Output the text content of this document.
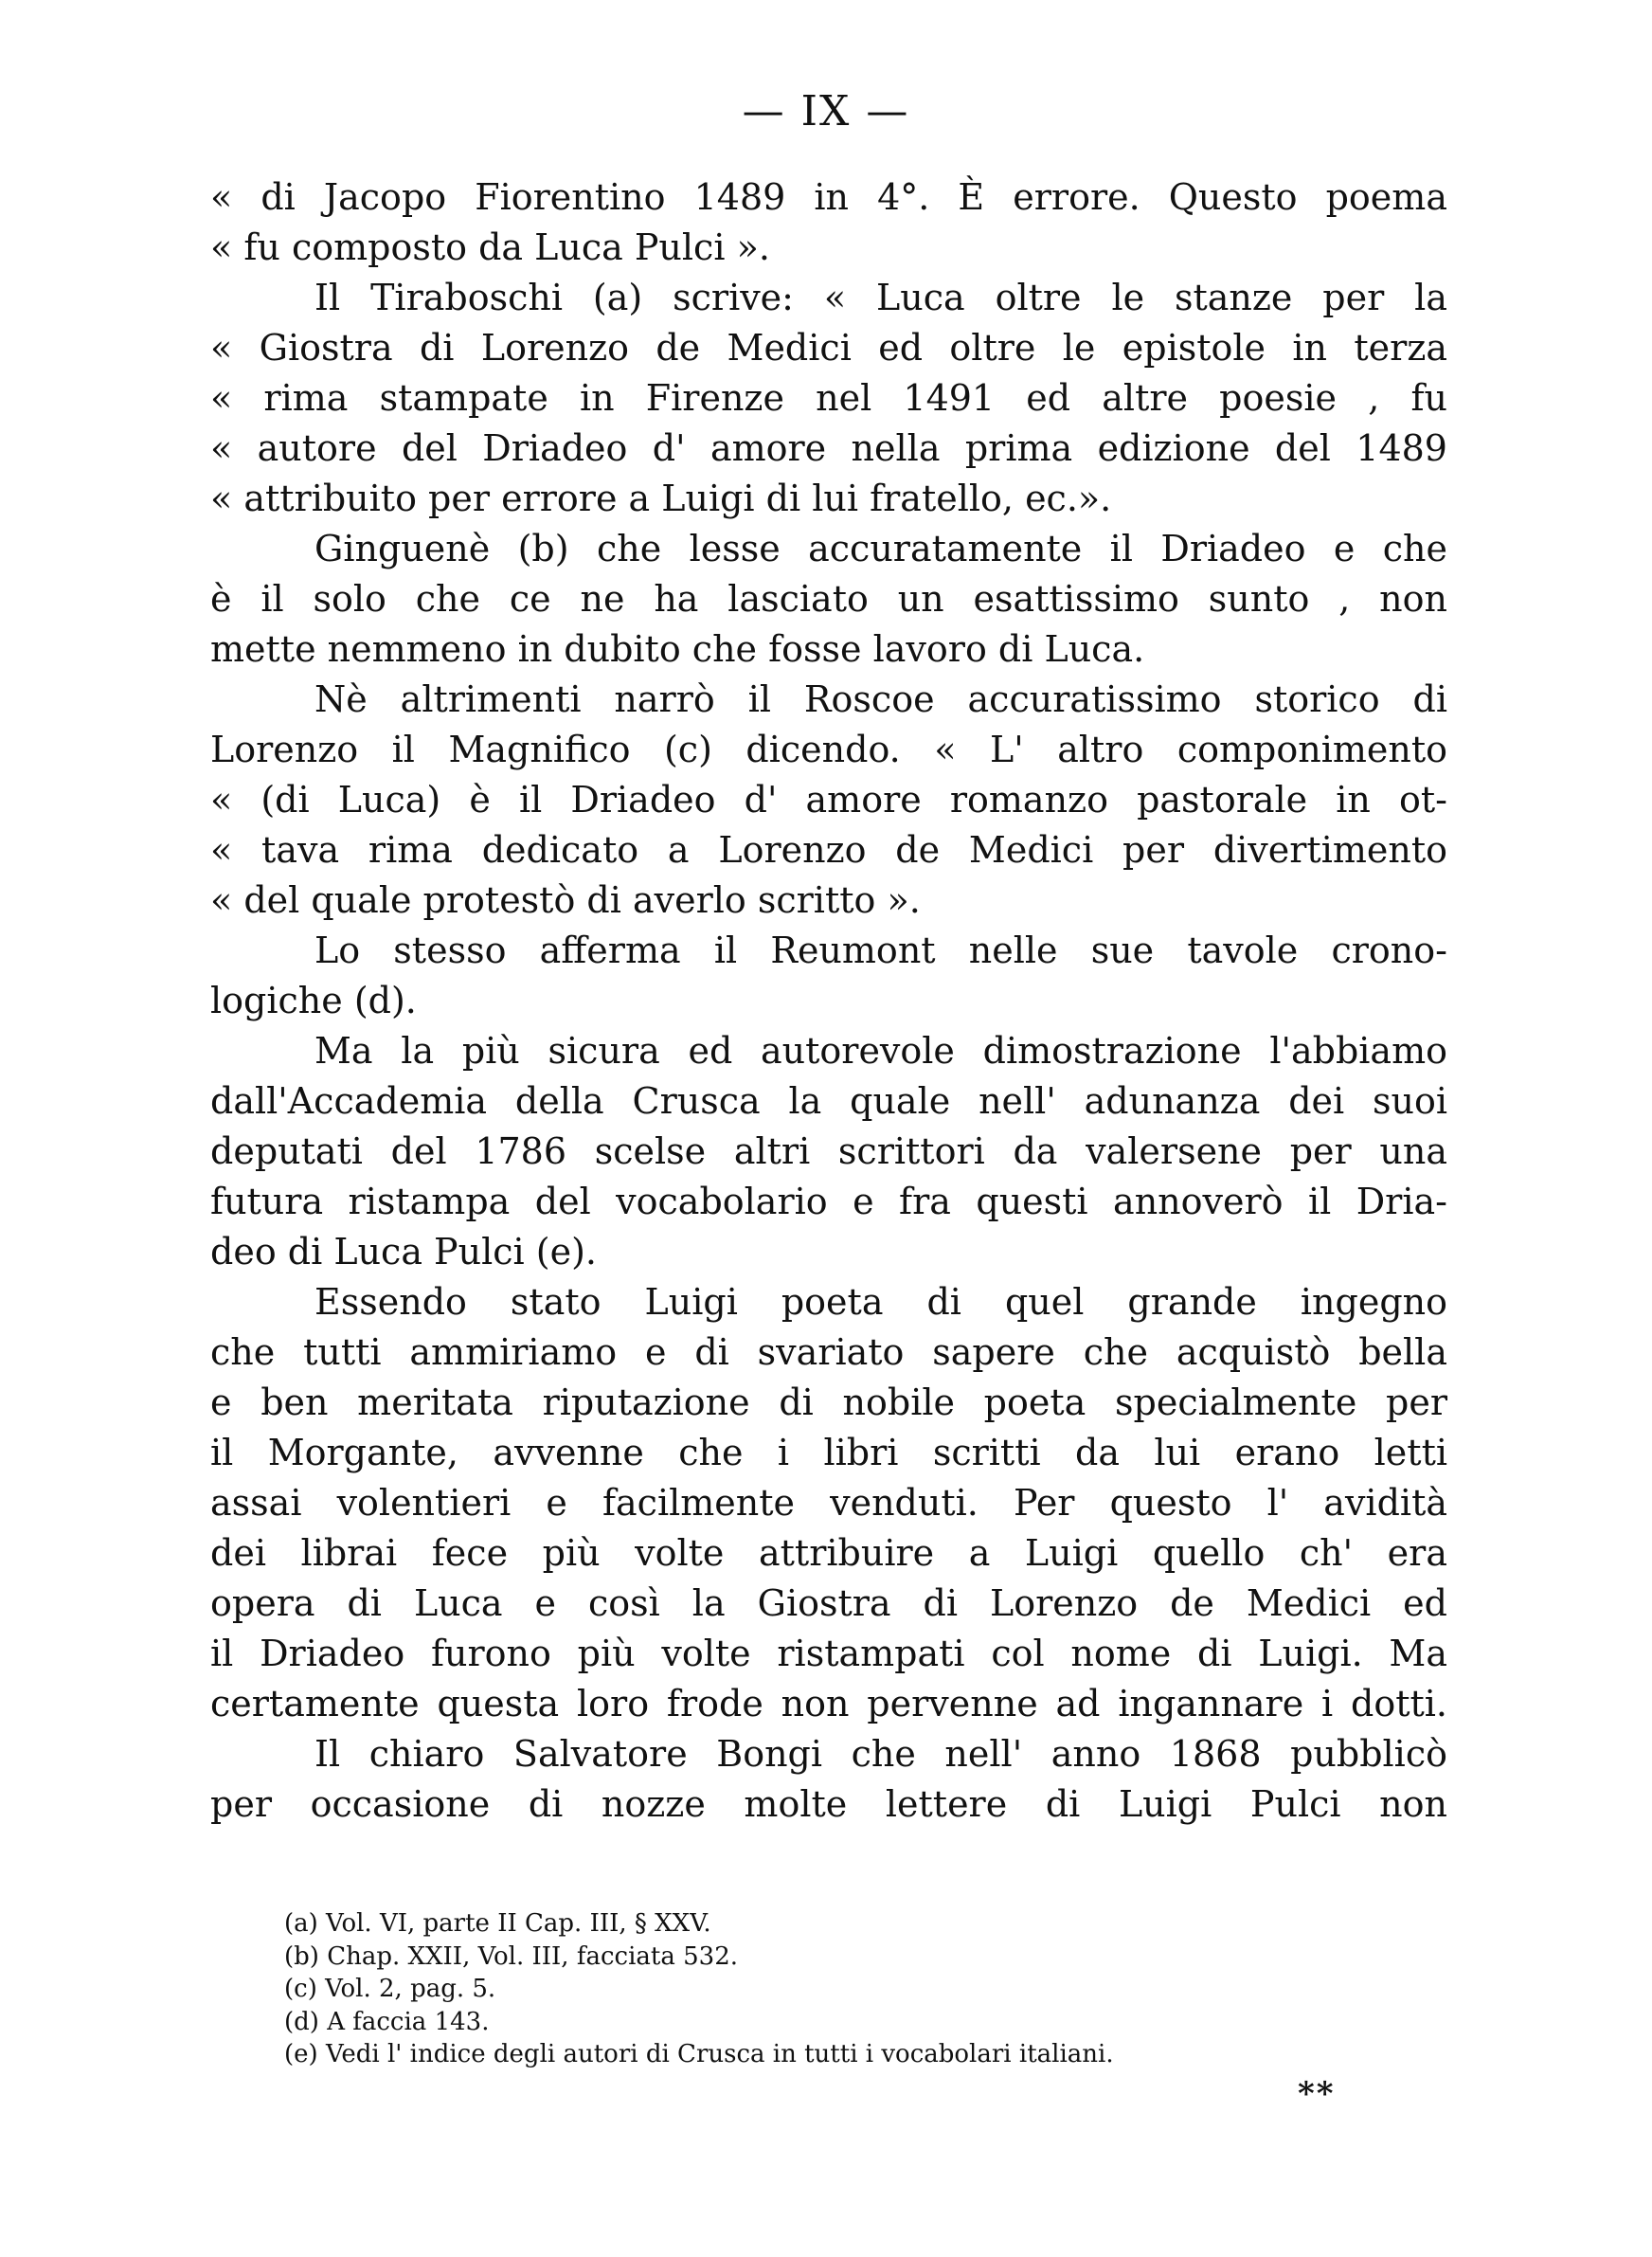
— IX —
« di Jacopo Fiorentino 1489 in 4°. È errore. Questo poema
« fu composto da Luca Pulci ».
Il Tiraboschi (a) scrive: « Luca oltre le stanze per la
« Giostra di Lorenzo de Medici ed oltre le epistole in terza
« rima stampate in Firenze nel 1491 ed altre poesie , fu
« autore del Driadeo d' amore nella prima edizione del 1489
« attribuito per errore a Luigi di lui fratello, ec.».
Ginguenè (b) che lesse accuratamente il Driadeo e che
è il solo che ce ne ha lasciato un esattissimo sunto , non
mette nemmeno in dubito che fosse lavoro di Luca.
Nè altrimenti narrò il Roscoe accuratissimo storico di
Lorenzo il Magnifico (c) dicendo. « L' altro componimento
« (di Luca) è il Driadeo d' amore romanzo pastorale in ot-
« tava rima dedicato a Lorenzo de Medici per divertimento
« del quale protestò di averlo scritto ».
Lo stesso afferma il Reumont nelle sue tavole crono-
logiche (d).
Ma la più sicura ed autorevole dimostrazione l'abbiamo
dall'Accademia della Crusca la quale nell' adunanza dei suoi
deputati del 1786 scelse altri scrittori da valersene per una
futura ristampa del vocabolario e fra questi annoverò il Dria-
deo di Luca Pulci (e).
Essendo stato Luigi poeta di quel grande ingegno
che tutti ammiriamo e di svariato sapere che acquistò bella
e ben meritata riputazione di nobile poeta specialmente per
il Morgante, avvenne che i libri scritti da lui erano letti
assai volentieri e facilmente venduti. Per questo l' avidità
dei librai fece più volte attribuire a Luigi quello ch' era
opera di Luca e così la Giostra di Lorenzo de Medici ed
il Driadeo furono più volte ristampati col nome di Luigi. Ma
certamente questa loro frode non pervenne ad ingannare i dotti.
Il chiaro Salvatore Bongi che nell' anno 1868 pubblicò
per occasione di nozze molte lettere di Luigi Pulci non
(a) Vol. VI, parte II Cap. III, § XXV.
(b) Chap. XXII, Vol. III, facciata 532.
(c) Vol. 2, pag. 5.
(d) A faccia 143.
(e) Vedi l' indice degli autori di Crusca in tutti i vocabolari italiani.
**
